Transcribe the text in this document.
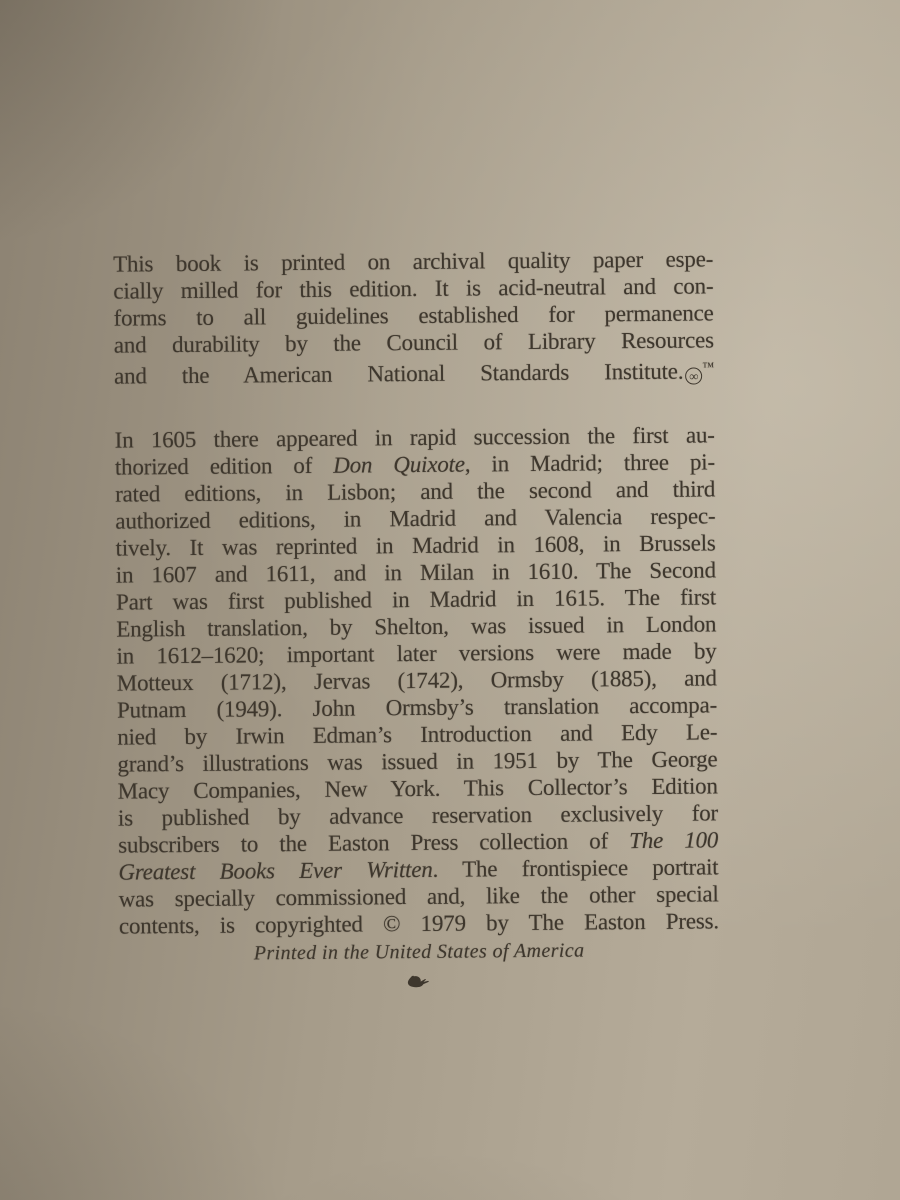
This book is printed on archival quality paper espe-
cially milled for this edition. It is acid-neutral and con-
forms to all guidelines established for permanence
and durability by the Council of Library Resources
and the American National Standards Institute. ∞™
In 1605 there appeared in rapid succession the first au-
thorized edition of Don Quixote, in Madrid; three pi-
rated editions, in Lisbon; and the second and third
authorized editions, in Madrid and Valencia respec-
tively. It was reprinted in Madrid in 1608, in Brussels
in 1607 and 1611, and in Milan in 1610. The Second
Part was first published in Madrid in 1615. The first
English translation, by Shelton, was issued in London
in 1612–1620; important later versions were made by
Motteux (1712), Jervas (1742), Ormsby (1885), and
Putnam (1949). John Ormsby’s translation accompa-
nied by Irwin Edman’s Introduction and Edy Le-
grand’s illustrations was issued in 1951 by The George
Macy Companies, New York. This Collector’s Edition
is published by advance reservation exclusively for
subscribers to the Easton Press collection of The 100
Greatest Books Ever Written. The frontispiece portrait
was specially commissioned and, like the other special
contents, is copyrighted © 1979 by The Easton Press.
Printed in the United States of America
